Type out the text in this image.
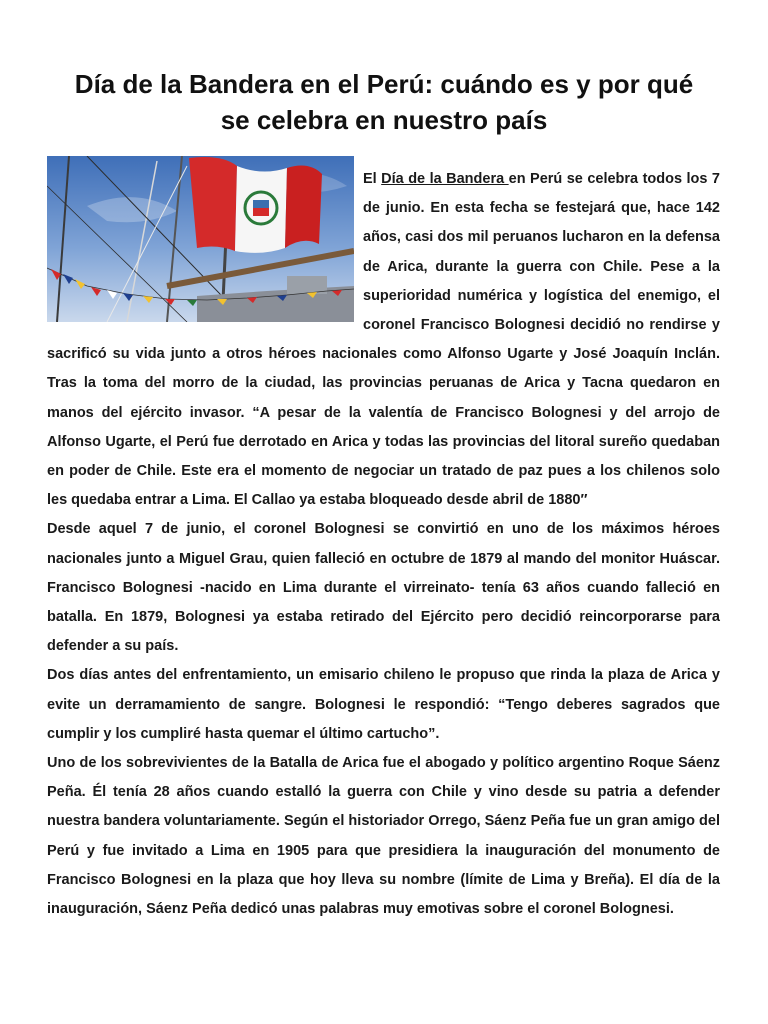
Día de la Bandera en el Perú: cuándo es y por qué
se celebra en nuestro país

El Día de la Bandera en Perú se celebra todos los 7 de junio. En esta fecha se festejará que, hace 142 años, casi dos mil peruanos lucharon en la defensa de Arica, durante la guerra con Chile. Pese a la superioridad numérica y logística del enemigo, el coronel Francisco Bolognesi decidió no rendirse y sacrificó su vida junto a otros héroes nacionales como Alfonso Ugarte y José Joaquín Inclán. Tras la toma del morro de la ciudad, las provincias peruanas de Arica y Tacna quedaron en manos del ejército invasor. “A pesar de la valentía de Francisco Bolognesi y del arrojo de Alfonso Ugarte, el Perú fue derrotado en Arica y todas las provincias del litoral sureño quedaban en poder de Chile. Este era el momento de negociar un tratado de paz pues a los chilenos solo les quedaba entrar a Lima. El Callao ya estaba bloqueado desde abril de 1880″

Desde aquel 7 de junio, el coronel Bolognesi se convirtió en uno de los máximos héroes nacionales junto a Miguel Grau, quien falleció en octubre de 1879 al mando del monitor Huáscar. Francisco Bolognesi -nacido en Lima durante el virreinato- tenía 63 años cuando falleció en batalla. En 1879, Bolognesi ya estaba retirado del Ejército pero decidió reincorporarse para defender a su país.

Dos días antes del enfrentamiento, un emisario chileno le propuso que rinda la plaza de Arica y evite un derramamiento de sangre. Bolognesi le respondió: “Tengo deberes sagrados que cumplir y los cumpliré hasta quemar el último cartucho”.

Uno de los sobrevivientes de la Batalla de Arica fue el abogado y político argentino Roque Sáenz Peña. Él tenía 28 años cuando estalló la guerra con Chile y vino desde su patria a defender nuestra bandera voluntariamente. Según el historiador Orrego, Sáenz Peña fue un gran amigo del Perú y fue invitado a Lima en 1905 para que presidiera la inauguración del monumento de Francisco Bolognesi en la plaza que hoy lleva su nombre (límite de Lima y Breña). El día de la inauguración, Sáenz Peña dedicó unas palabras muy emotivas sobre el coronel Bolognesi.
